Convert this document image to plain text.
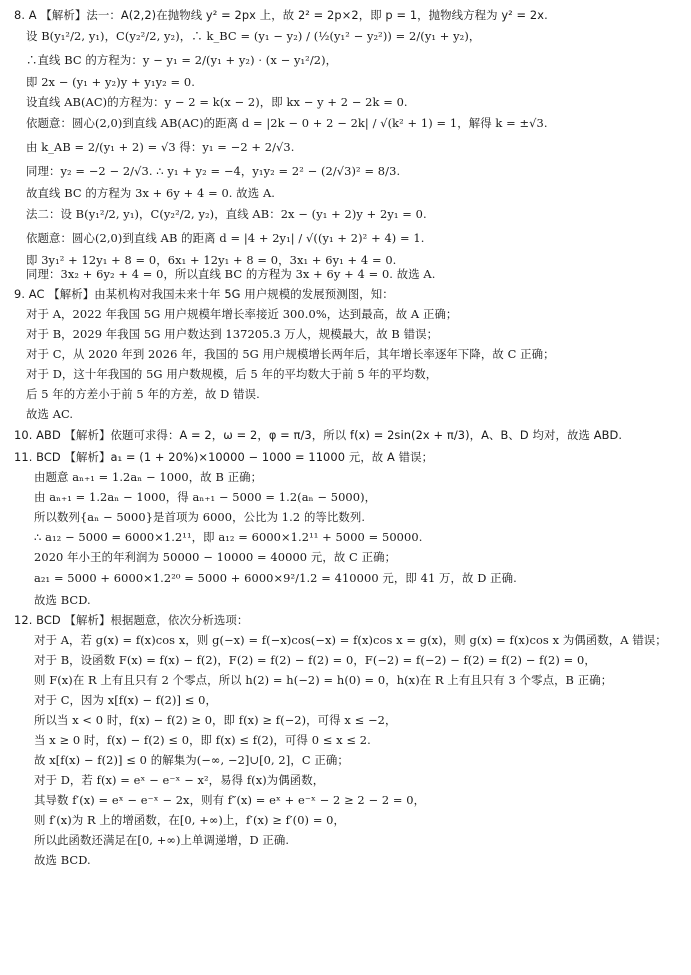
8. A 【解析】法一：A(2,2)在抛物线 y² = 2px 上，故 2² = 2p×2，即 p = 1，抛物线方程为 y² = 2x.
设 B(y₁²/2, y₁)，C(y₂²/2, y₂)，∴ k_BC = (y₁ − y₂) / (½(y₁² − y₂²)) = 2/(y₁ + y₂)，
∴直线 BC 的方程为：y − y₁ = 2/(y₁ + y₂) · (x − y₁²/2)，
即 2x − (y₁ + y₂)y + y₁y₂ = 0.
设直线 AB(AC)的方程为：y − 2 = k(x − 2)，即 kx − y + 2 − 2k = 0.
依题意：圆心(2,0)到直线 AB(AC)的距离 d = |2k − 0 + 2 − 2k| / √(k² + 1) = 1，解得 k = ±√3.
由 k_AB = 2/(y₁ + 2) = √3 得：y₁ = −2 + 2/√3.
同理：y₂ = −2 − 2/√3. ∴ y₁ + y₂ = −4，y₁y₂ = 2² − (2/√3)² = 8/3.
故直线 BC 的方程为 3x + 6y + 4 = 0. 故选 A.
法二：设 B(y₁²/2, y₁)，C(y₂²/2, y₂)，直线 AB：2x − (y₁ + 2)y + 2y₁ = 0.
依题意：圆心(2,0)到直线 AB 的距离 d = |4 + 2y₁| / √((y₁ + 2)² + 4) = 1.
即 3y₁² + 12y₁ + 8 = 0，6x₁ + 12y₁ + 8 = 0，3x₁ + 6y₁ + 4 = 0.
同理：3x₂ + 6y₂ + 4 = 0，所以直线 BC 的方程为 3x + 6y + 4 = 0. 故选 A.
9. AC 【解析】由某机构对我国未来十年 5G 用户规模的发展预测图，知：
对于 A，2022 年我国 5G 用户规模年增长率接近 300.0%，达到最高，故 A 正确；
对于 B，2029 年我国 5G 用户数达到 137205.3 万人，规模最大，故 B 错误；
对于 C，从 2020 年到 2026 年，我国的 5G 用户规模增长两年后，其年增长率逐年下降，故 C 正确；
对于 D，这十年我国的 5G 用户数规模，后 5 年的平均数大于前 5 年的平均数，
后 5 年的方差小于前 5 年的方差，故 D 错误.
故选 AC.
10. ABD 【解析】依题可求得：A = 2，ω = 2，φ = π/3，所以 f(x) = 2sin(2x + π/3)，A、B、D 均对，故选 ABD.
11. BCD 【解析】a₁ = (1 + 20%)×10000 − 1000 = 11000 元，故 A 错误；
由题意 aₙ₊₁ = 1.2aₙ − 1000，故 B 正确；
由 aₙ₊₁ = 1.2aₙ − 1000，得 aₙ₊₁ − 5000 = 1.2(aₙ − 5000)，
所以数列{aₙ − 5000}是首项为 6000，公比为 1.2 的等比数列.
∴ a₁₂ − 5000 = 6000×1.2¹¹，即 a₁₂ = 6000×1.2¹¹ + 5000 = 50000.
2020 年小王的年利润为 50000 − 10000 = 40000 元，故 C 正确；
a₂₁ = 5000 + 6000×1.2²⁰ = 5000 + 6000×9²/1.2 = 410000 元，即 41 万，故 D 正确.
故选 BCD.
12. BCD 【解析】根据题意，依次分析选项：
对于 A，若 g(x) = f(x)cos x，则 g(−x) = f(−x)cos(−x) = f(x)cos x = g(x)，则 g(x) = f(x)cos x 为偶函数，A 错误；
对于 B，设函数 F(x) = f(x) − f(2)，F(2) = f(2) − f(2) = 0，F(−2) = f(−2) − f(2) = f(2) − f(2) = 0，
则 F(x)在 R 上有且只有 2 个零点，所以 h(2) = h(−2) = h(0) = 0，h(x)在 R 上有且只有 3 个零点，B 正确；
对于 C，因为 x[f(x) − f(2)] ≤ 0，
所以当 x < 0 时，f(x) − f(2) ≥ 0，即 f(x) ≥ f(−2)，可得 x ≤ −2，
当 x ≥ 0 时，f(x) − f(2) ≤ 0，即 f(x) ≤ f(2)，可得 0 ≤ x ≤ 2.
故 x[f(x) − f(2)] ≤ 0 的解集为(−∞, −2]∪[0, 2]，C 正确；
对于 D，若 f(x) = eˣ − e⁻ˣ − x²，易得 f(x)为偶函数，
其导数 f′(x) = eˣ − e⁻ˣ − 2x，则有 f″(x) = eˣ + e⁻ˣ − 2 ≥ 2 − 2 = 0，
则 f′(x)为 R 上的增函数，在[0, +∞)上，f′(x) ≥ f′(0) = 0，
所以此函数还满足在[0, +∞)上单调递增，D 正确.
故选 BCD.
